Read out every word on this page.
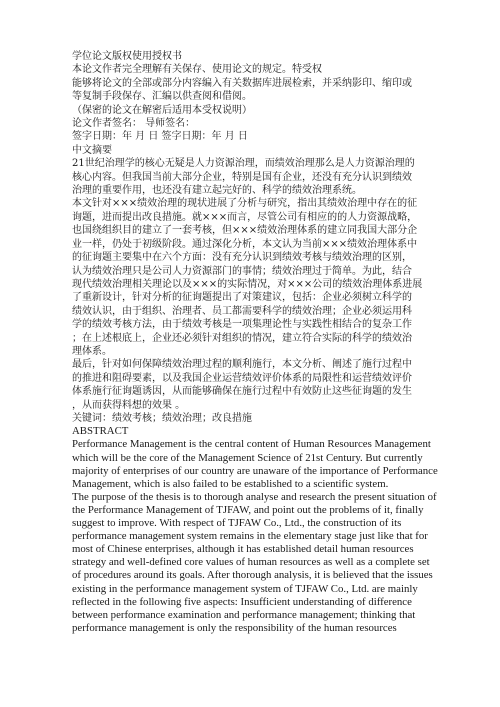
学位论文版权使用授权书
本论文作者完全理解有关保存、使用论文的规定。特受权
能够将论文的全部或部分内容编入有关数据库进展检索，并采纳影印、缩印或
等复制手段保存、汇编以供查阅和借阅。
（保密的论文在解密后适用本受权说明）
论文作者签名： 导师签名：
签字日期：年 月 日 签字日期：年 月 日
中文摘要
21世纪治理学的核心无疑是人力资源治理，而绩效治理那么是人力资源治理的
核心内容。但我国当前大部分企业，特别是国有企业，还没有充分认识到绩效
治理的重要作用，也还没有建立起完好的、科学的绩效治理系统。
本文针对×××绩效治理的现状进展了分析与研究，指出其绩效治理中存在的征
询题，进而提出改良措施。就×××而言，尽管公司有相应的的人力资源战略，
也国绕组织目的建立了一套考核，但×××绩效治理体系的建立同我国大部分企
业一样，仍处于初级阶段。通过深化分析，本文认为当前×××绩效治理体系中
的征询题主要集中在六个方面：没有充分认识到绩效考核与绩效治理的区别，
认为绩效治理只是公司人力资源部门的事情；绩效治理过于简单。为此，结合
现代绩效治理相关理论以及×××的实际情况，对×××公司的绩效治理体系进展
了重新设计，针对分析的征询题提出了对策建议，包括：企业必须树立科学的
绩效认识，由于组织、治理者、员工都需要科学的绩效治理；企业必须运用科
学的绩效考核方法，由于绩效考核是一项集理论性与实践性相结合的复杂工作
；在上述根底上，企业还必须针对组织的情况，建立符合实际的科学的绩效治
理体系。
最后，针对如何保障绩效治理过程的顺利施行，本文分析、阐述了施行过程中
的推进和阻碍要素，以及我国企业运营绩效评价体系的局限性和运营绩效评价
体系施行征询题诱因，从而能够确保在施行过程中有效防止这些征询题的发生
，从而获得料想的效果 。
关键词：绩效考核；绩效治理；改良措施
ABSTRACT
Performance Management is the central content of Human Resources Management
which will be the core of the Management Science of 21st Century. But currently
majority of enterprises of our country are unaware of the importance of Performance
Management, which is also failed to be established to a scientific system.
The purpose of the thesis is to thorough analyse and research the present situation of
the Performance Management of TJFAW, and point out the problems of it, finally
suggest to improve. With respect of TJFAW Co., Ltd., the construction of its
performance management system remains in the elementary stage just like that for
most of Chinese enterprises, although it has established detail human resources
strategy and well-defined core values of human resources as well as a complete set
of procedures around its goals. After thorough analysis, it is believed that the issues
existing in the performance management system of TJFAW Co., Ltd. are mainly
reflected in the following five aspects: Insufficient understanding of difference
between performance examination and performance management; thinking that
performance management is only the responsibility of the human resources
